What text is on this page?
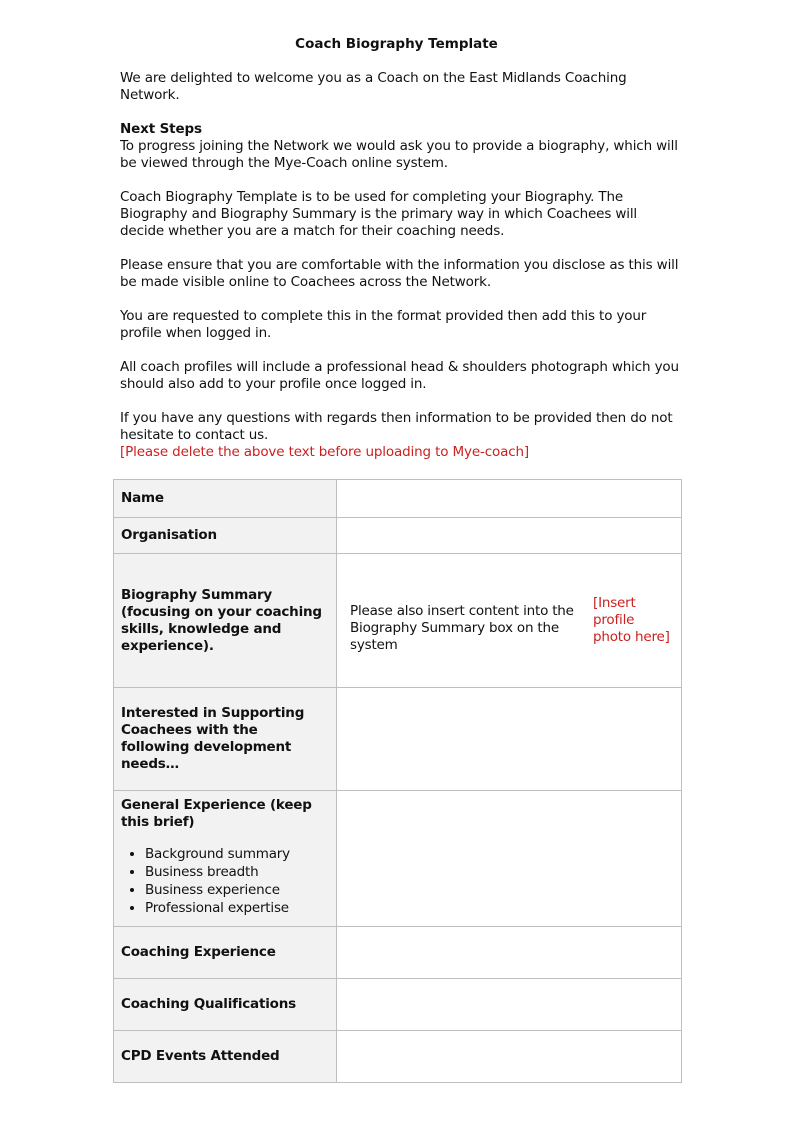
Coach Biography Template

We are delighted to welcome you as a Coach on the East Midlands Coaching Network.

Next Steps
To progress joining the Network we would ask you to provide a biography, which will be viewed through the Mye-Coach online system.

Coach Biography Template is to be used for completing your Biography. The Biography and Biography Summary is the primary way in which Coachees will decide whether you are a match for their coaching needs.

Please ensure that you are comfortable with the information you disclose as this will be made visible online to Coachees across the Network.

You are requested to complete this in the format provided then add this to your profile when logged in.

All coach profiles will include a professional head & shoulders photograph which you should also add to your profile once logged in.

If you have any questions with regards then information to be provided then do not hesitate to contact us.

[Please delete the above text before uploading to Mye-coach]

Name	
Organisation	
Biography Summary (focusing on your coaching skills, knowledge and experience).	
Please also insert content into the Biography Summary box on the system
	[Insert profile photo here]

Interested in Supporting Coachees with the following development needs…	

General Experience (keep this brief)
• Background summary
• Business breadth
• Business experience
• Professional expertise

Coaching Experience	
Coaching Qualifications	
CPD Events Attended	
